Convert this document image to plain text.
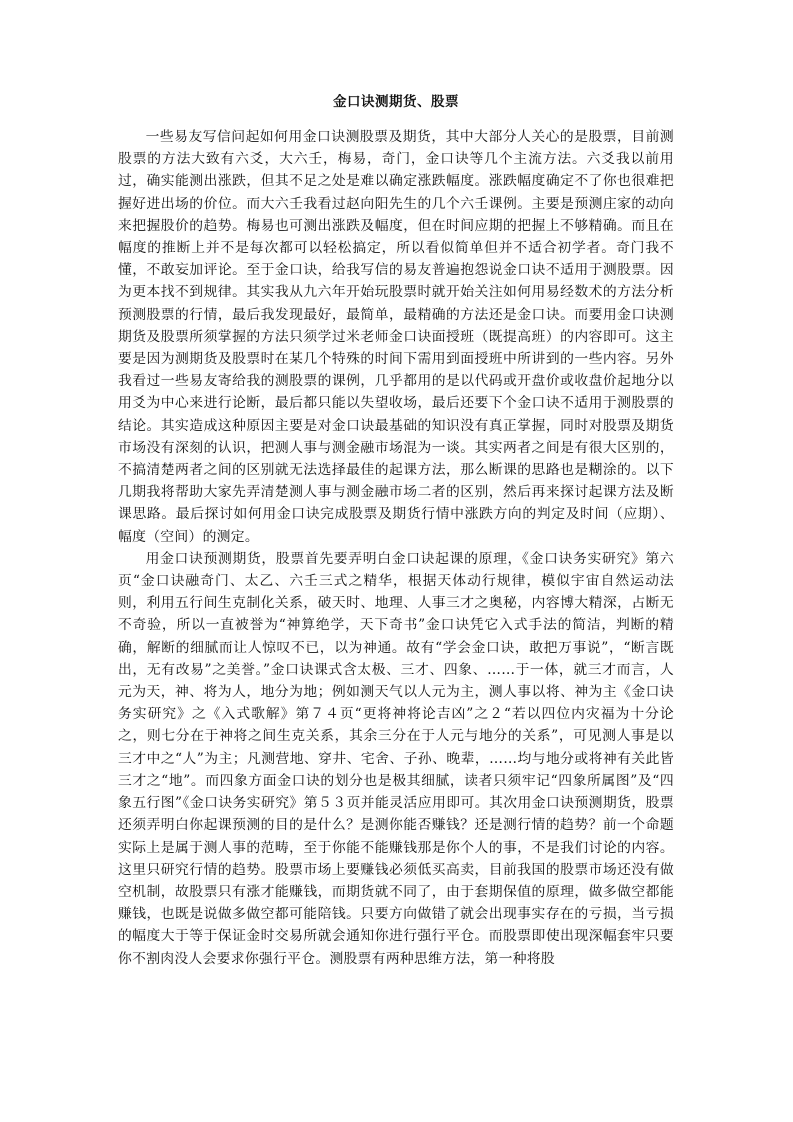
金口诀测期货、股票

一些易友写信问起如何用金口诀测股票及期货，其中大部分人关心的是股票，目前测股票的方法大致有六爻，大六壬，梅易，奇门，金口诀等几个主流方法。六爻我以前用过，确实能测出涨跌，但其不足之处是难以确定涨跌幅度。涨跌幅度确定不了你也很难把握好进出场的价位。而大六壬我看过赵向阳先生的几个六壬课例。主要是预测庄家的动向来把握股价的趋势。梅易也可测出涨跌及幅度，但在时间应期的把握上不够精确。而且在幅度的推断上并不是每次都可以轻松搞定，所以看似简单但并不适合初学者。奇门我不懂，不敢妄加评论。至于金口诀，给我写信的易友普遍抱怨说金口诀不适用于测股票。因为更本找不到规律。其实我从九六年开始玩股票时就开始关注如何用易经数术的方法分析预测股票的行情，最后我发现最好，最简单，最精确的方法还是金口诀。而要用金口诀测期货及股票所须掌握的方法只须学过米老师金口诀面授班（既提高班）的内容即可。这主要是因为测期货及股票时在某几个特殊的时间下需用到面授班中所讲到的一些内容。另外我看过一些易友寄给我的测股票的课例，几乎都用的是以代码或开盘价或收盘价起地分以用爻为中心来进行论断，最后都只能以失望收场，最后还要下个金口诀不适用于测股票的结论。其实造成这种原因主要是对金口诀最基础的知识没有真正掌握，同时对股票及期货市场没有深刻的认识，把测人事与测金融市场混为一谈。其实两者之间是有很大区别的，不搞清楚两者之间的区别就无法选择最佳的起课方法，那么断课的思路也是糊涂的。以下几期我将帮助大家先弄清楚测人事与测金融市场二者的区别，然后再来探讨起课方法及断课思路。最后探讨如何用金口诀完成股票及期货行情中涨跌方向的判定及时间（应期）、幅度（空间）的测定。

用金口诀预测期货，股票首先要弄明白金口诀起课的原理，《金口诀务实研究》第六页“金口诀融奇门、太乙、六壬三式之精华，根据天体动行规律，模似宇宙自然运动法则，利用五行间生克制化关系，破天时、地理、人事三才之奥秘，内容博大精深，占断无不奇验，所以一直被誉为“神算绝学，天下奇书”金口诀凭它入式手法的简洁，判断的精确，解断的细腻而让人惊叹不已，以为神通。故有“学会金口诀，敢把万事说”，“断言既出，无有改易”之美誉。”金口诀课式含太极、三才、四象、……于一体，就三才而言，人元为天，神、将为人，地分为地；例如测天气以人元为主，测人事以将、神为主《金口诀务实研究》之《入式歌解》第７４页“更将神将论吉凶”之２“若以四位内灾福为十分论之，则七分在于神将之间生克关系，其余三分在于人元与地分的关系”，可见测人事是以三才中之“人”为主；凡测营地、穿井、宅舍、子孙、晚辈，……均与地分或将神有关此皆三才之“地”。而四象方面金口诀的划分也是极其细腻，读者只须牢记“四象所属图”及“四象五行图”《金口诀务实研究》第５３页并能灵活应用即可。其次用金口诀预测期货，股票还须弄明白你起课预测的目的是什么？是测你能否赚钱？还是测行情的趋势？前一个命题实际上是属于测人事的范畴，至于你能不能赚钱那是你个人的事，不是我们讨论的内容。这里只研究行情的趋势。股票市场上要赚钱必须低买高卖，目前我国的股票市场还没有做空机制，故股票只有涨才能赚钱，而期货就不同了，由于套期保值的原理，做多做空都能赚钱，也既是说做多做空都可能陪钱。只要方向做错了就会出现事实存在的亏损，当亏损的幅度大于等于保证金时交易所就会通知你进行强行平仓。而股票即使出现深幅套牢只要你不割肉没人会要求你强行平仓。测股票有两种思维方法，第一种将股
